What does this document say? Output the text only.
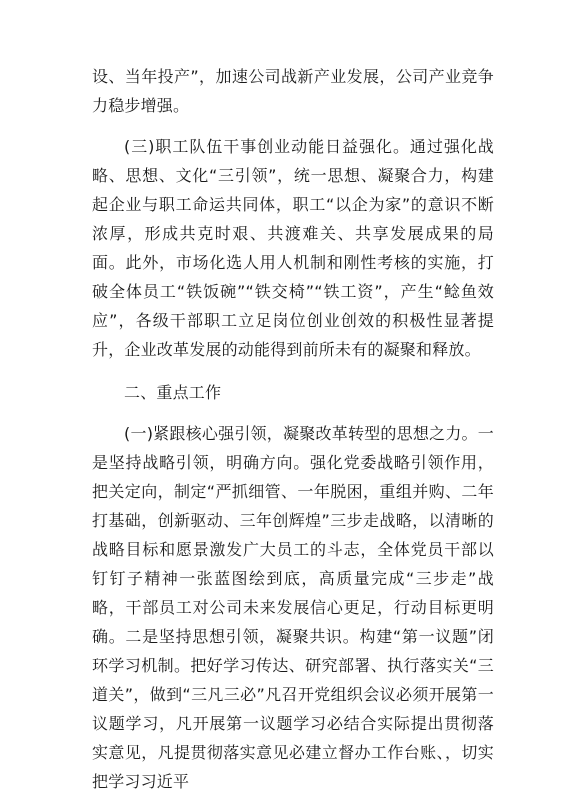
设、当年投产”，加速公司战新产业发展，公司产业竞争力稳步增强。

(三)职工队伍干事创业动能日益强化。通过强化战略、思想、文化“三引领”，统一思想、凝聚合力，构建起企业与职工命运共同体，职工“以企为家”的意识不断浓厚，形成共克时艰、共渡难关、共享发展成果的局面。此外，市场化选人用人机制和刚性考核的实施，打破全体员工“铁饭碗”“铁交椅”“铁工资”，产生“鲶鱼效应”，各级干部职工立足岗位创业创效的积极性显著提升，企业改革发展的动能得到前所未有的凝聚和释放。

二、重点工作

(一)紧跟核心强引领，凝聚改革转型的思想之力。一是坚持战略引领，明确方向。强化党委战略引领作用，把关定向，制定“严抓细管、一年脱困，重组并购、二年打基础，创新驱动、三年创辉煌”三步走战略，以清晰的战略目标和愿景激发广大员工的斗志，全体党员干部以钉钉子精神一张蓝图绘到底，高质量完成“三步走”战略，干部员工对公司未来发展信心更足，行动目标更明确。二是坚持思想引领，凝聚共识。构建“第一议题”闭环学习机制。把好学习传达、研究部署、执行落实关“三道关”，做到“三凡三必”凡召开党组织会议必须开展第一议题学习，凡开展第一议题学习必结合实际提出贯彻落实意见，凡提贯彻落实意见必建立督办工作台账、，切实把学习习近平
